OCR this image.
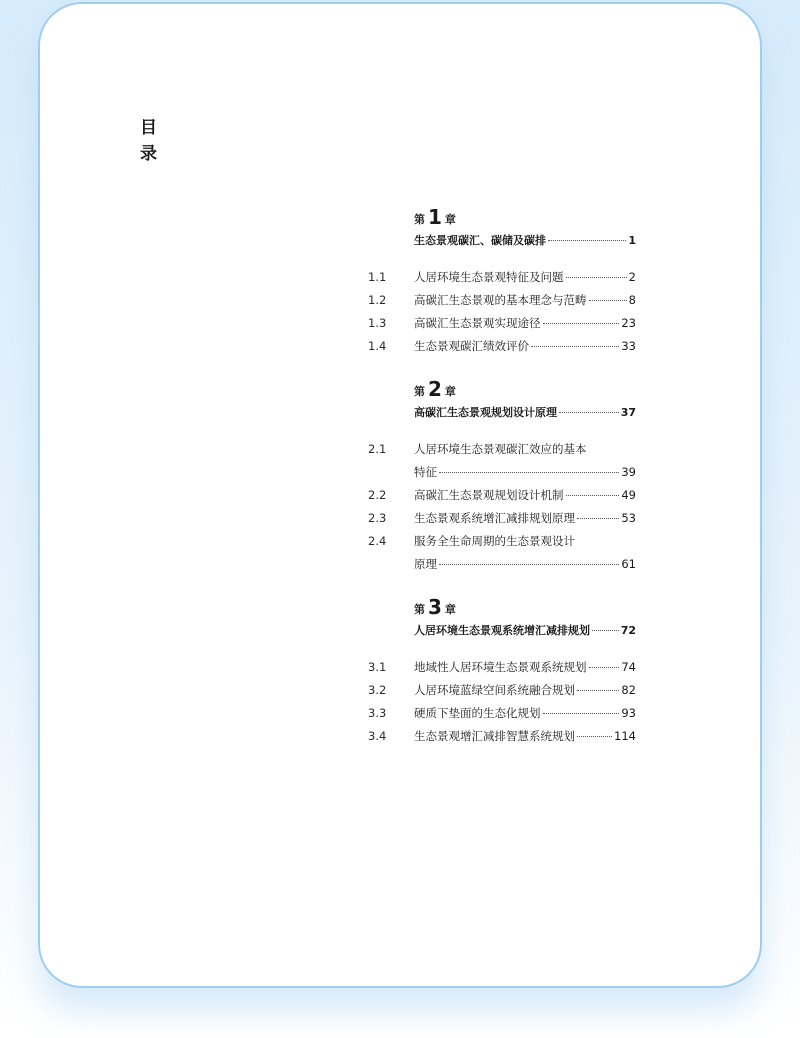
目
录
第 1 章
生态景观碳汇、碳储及碳排	1
1.1	人居环境生态景观特征及问题	2
1.2	高碳汇生态景观的基本理念与范畴	8
1.3	高碳汇生态景观实现途径	23
1.4	生态景观碳汇绩效评价	33
第 2 章
高碳汇生态景观规划设计原理	37
2.1	人居环境生态景观碳汇效应的基本
特征	39
2.2	高碳汇生态景观规划设计机制	49
2.3	生态景观系统增汇减排规划原理	53
2.4	服务全生命周期的生态景观设计
原理	61
第 3 章
人居环境生态景观系统增汇减排规划	72
3.1	地域性人居环境生态景观系统规划	74
3.2	人居环境蓝绿空间系统融合规划	82
3.3	硬质下垫面的生态化规划	93
3.4	生态景观增汇减排智慧系统规划	114
